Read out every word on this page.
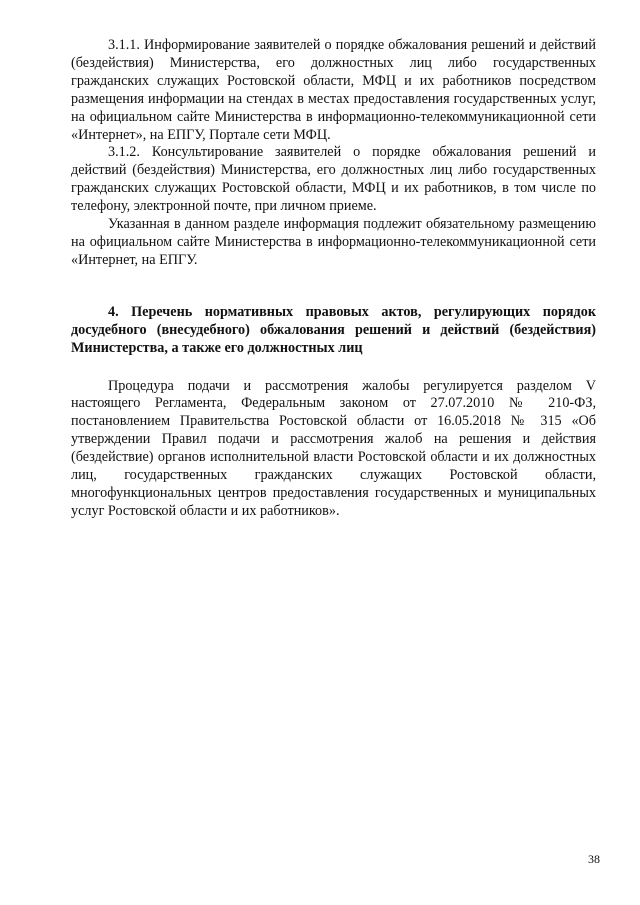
3.1.1. Информирование заявителей о порядке обжалования решений и действий (бездействия) Министерства, его должностных лиц либо государственных гражданских служащих Ростовской области, МФЦ и их работников посредством размещения информации на стендах в местах предоставления государственных услуг, на официальном сайте Министерства в информационно-телекоммуникационной сети «Интернет», на ЕПГУ, Портале сети МФЦ.

3.1.2. Консультирование заявителей о порядке обжалования решений и действий (бездействия) Министерства, его должностных лиц либо государственных гражданских служащих Ростовской области, МФЦ и их работников, в том числе по телефону, электронной почте, при личном приеме.

Указанная в данном разделе информация подлежит обязательному размещению на официальном сайте Министерства в информационно-телекоммуникационной сети «Интернет, на ЕПГУ.

4. Перечень нормативных правовых актов, регулирующих порядок досудебного (внесудебного) обжалования решений и действий (бездействия) Министерства, а также его должностных лиц

Процедура подачи и рассмотрения жалобы регулируется разделом V настоящего Регламента, Федеральным законом от 27.07.2010 № 210-ФЗ, постановлением Правительства Ростовской области от 16.05.2018 № 315 «Об утверждении Правил подачи и рассмотрения жалоб на решения и действия (бездействие) органов исполнительной власти Ростовской области и их должностных лиц, государственных гражданских служащих Ростовской области, многофункциональных центров предоставления государственных и муниципальных услуг Ростовской области и их работников».

38
